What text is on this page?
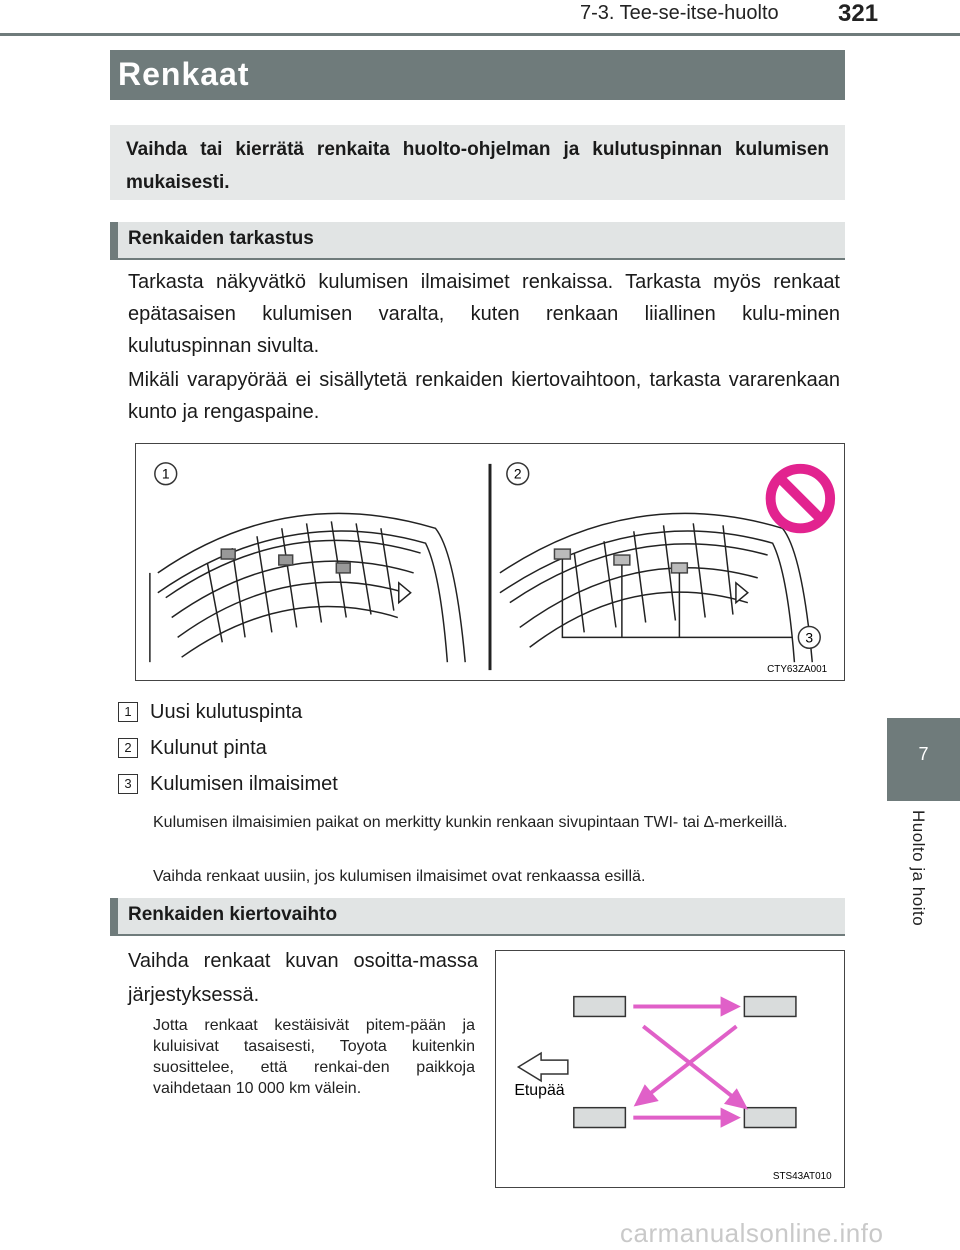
7-3. Tee-se-itse-huolto 321
7
Huolto ja hoito
Renkaat
Vaihda tai kierrätä renkaita huolto-ohjelman ja kulutuspinnan kulumisen mukaisesti.
Renkaiden tarkastus
Tarkasta näkyvätkö kulumisen ilmaisimet renkaissa. Tarkasta myös renkaat epätasaisen kulumisen varalta, kuten renkaan liiallinen kulu-minen kulutuspinnan sivulta.
Mikäli varapyörää ei sisällytetä renkaiden kiertovaihtoon, tarkasta vararenkaan kunto ja rengaspaine.
1	2
3
CTY63ZA001
1 Uusi kulutuspinta
2 Kulunut pinta
3 Kulumisen ilmaisimet
Kulumisen ilmaisimien paikat on merkitty kunkin renkaan sivupintaan TWI- tai ∆-merkeillä.
Vaihda renkaat uusiin, jos kulumisen ilmaisimet ovat renkaassa esillä.
Renkaiden kiertovaihto
Vaihda renkaat kuvan osoitta-massa järjestyksessä.
Jotta renkaat kestäisivät pitem-pään ja kuluisivat tasaisesti, Toyota kuitenkin suosittelee, että renkai-den paikkoja vaihdetaan 10 000 km välein.	Etupää
STS43AT010
carmanualsonline.info
